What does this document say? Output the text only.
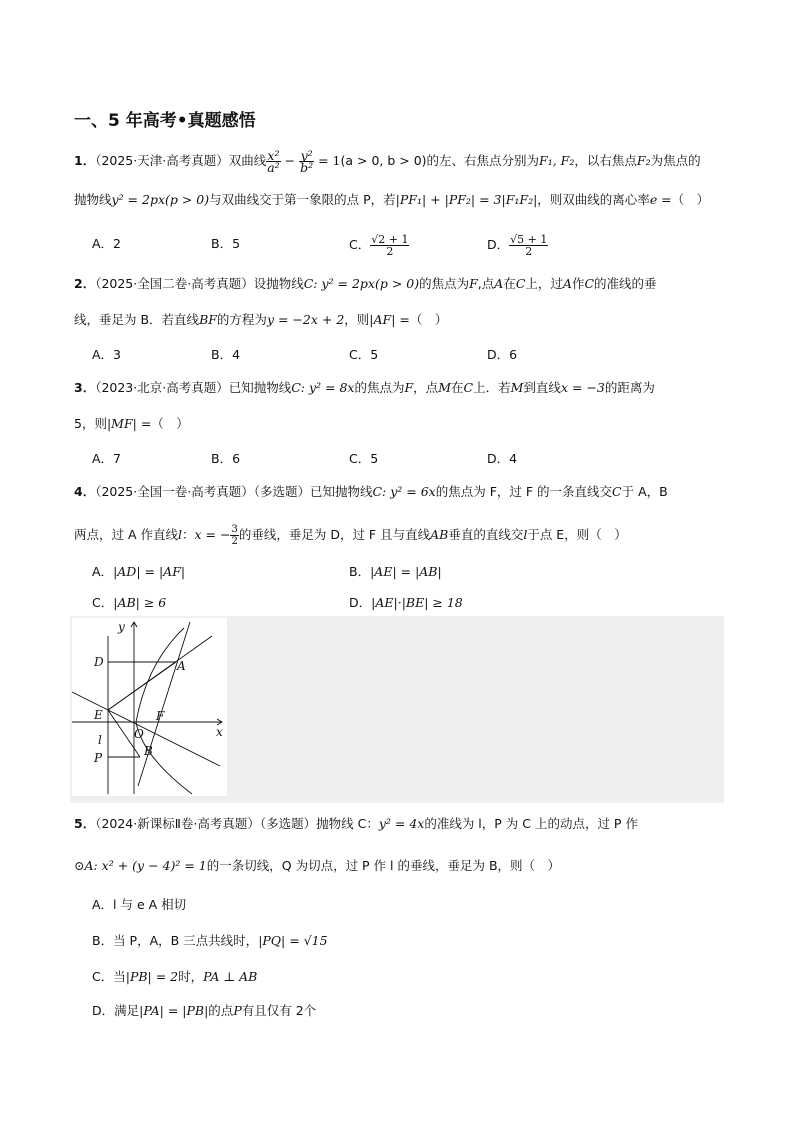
一、5 年高考•真题感悟
1．（2025·天津·高考真题）双曲线 $\frac{\text{x²}}{\text{a²}} - \frac{\text{y²}}{\text{b²}} = 1(a > 0$, b > 0)的左、右焦点分别为F₁, F₂，以右焦点F₂为焦点的
抛物线y² = 2px(p > 0)与双曲线交于第一象限的点 P，若|PF₁| + |PF₂| = 3|F₁F₂|，则双曲线的离心率e =（　）
A．2	B．5	C． $\frac{√2 + 1}{2}$	D． $\frac{√5 + 1}{2}$
2．（2025·全国二卷·高考真题）设抛物线C: y² = 2px(p > 0)的焦点为F,点A在C上，过A作C的准线的垂
线，垂足为 B．若直线BF的方程为y = −2x + 2，则|AF| =（　）
A．3	B．4	C．5	D．6
3．（2023·北京·高考真题）已知抛物线C: y² = 8x的焦点为F，点M在C上．若M到直线x = −3的距离为
5，则|MF| =（　）
A．7	B．6	C．5	D．4
4．（2025·全国一卷·高考真题）（多选题）已知抛物线C: y² = 6x的焦点为 F，过 F 的一条直线交C于 A，B
两点，过 A 作直线l：x = − $\frac{3}{2}$ 的垂线，垂足为 D，过 F 且与直线AB垂直的直线交l于点 E，则（　）
A．|AD| = |AF|	B．|AE| = |AB|
C．|AB| ≥ 6	D．|AE|·|BE| ≥ 18
y
x
D	A
E	F
O
l
P	B
5．（2024·新课标Ⅱ卷·高考真题）（多选题）抛物线 C：y² = 4x的准线为 l，P 为 C 上的动点，过 P 作
⊙A: x² + (y − 4)² = 1的一条切线，Q 为切点，过 P 作 l 的垂线，垂足为 B，则（　）
A．l 与 e A 相切
B．当 P，A，B 三点共线时，|PQ| = √15
C．当|PB| = 2时，PA ⊥ AB
D．满足|PA| = |PB|的点P有且仅有 2个
